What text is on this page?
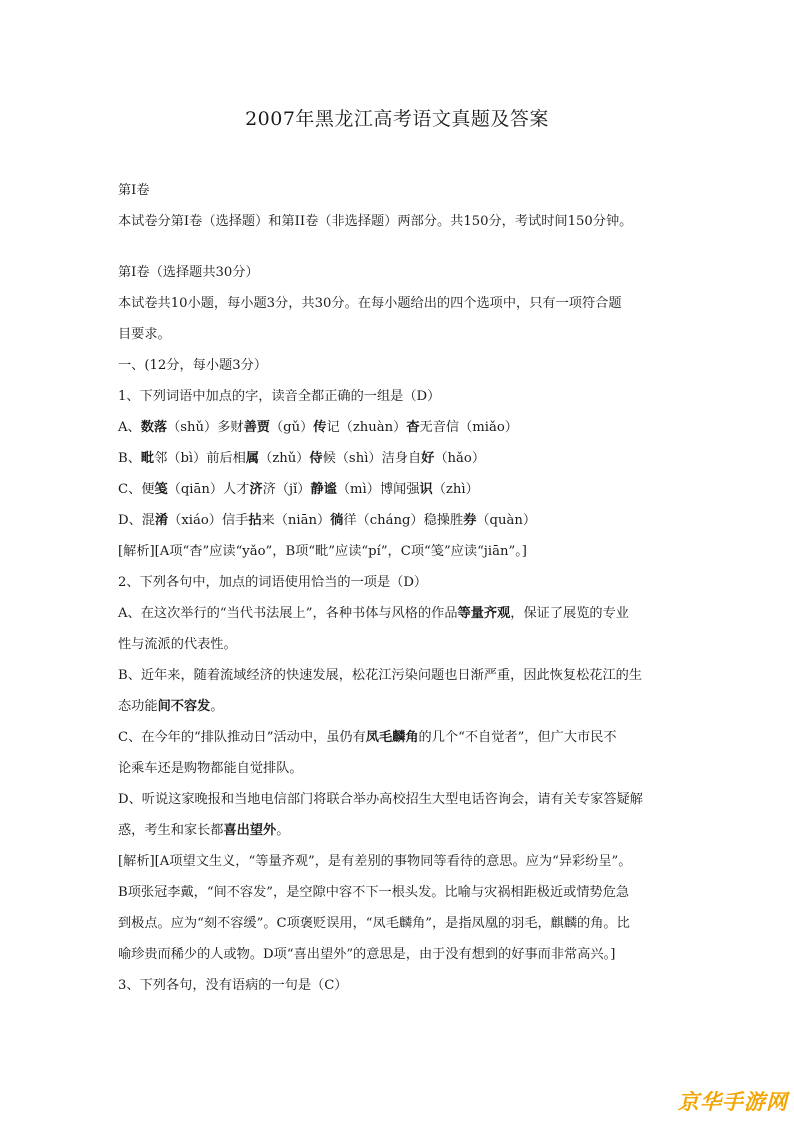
2007年黑龙江高考语文真题及答案
第Ⅰ卷
本试卷分第Ⅰ卷（选择题）和第II卷（非选择题）两部分。共150分，考试时间150分钟。
第Ⅰ卷（选择题共30分）
本试卷共10小题，每小题3分，共30分。在每小题给出的四个选项中，只有一项符合题
目要求。
一、(12分，每小题3分）
1、下列词语中加点的字，读音全都正确的一组是（D）
A、数落（shǔ）多财善贾（gǔ）传记（zhuàn）杳无音信（miǎo）
B、毗邻（bì）前后相属（zhǔ）侍候（shì）洁身自好（hǎo）
C、便笺（qiān）人才济济（jǐ）静谧（mì）博闻强识（zhì）
D、混淆（xiáo）信手拈来（niān）徜徉（cháng）稳操胜券（quàn）
[解析][A项“杳”应读“yǎo”，B项“毗”应读“pí”，C项“笺”应读“jiān”。]
2、下列各句中，加点的词语使用恰当的一项是（D）
A、在这次举行的“当代书法展上”，各种书体与风格的作品等量齐观，保证了展览的专业
性与流派的代表性。
B、近年来，随着流域经济的快速发展，松花江污染问题也日渐严重，因此恢复松花江的生
态功能间不容发。
C、在今年的“排队推动日”活动中，虽仍有凤毛麟角的几个“不自觉者”，但广大市民不
论乘车还是购物都能自觉排队。
D、听说这家晚报和当地电信部门将联合举办高校招生大型电话咨询会，请有关专家答疑解
惑，考生和家长都喜出望外。
[解析][A项望文生义，“等量齐观”，是有差别的事物同等看待的意思。应为“异彩纷呈”。
B项张冠李戴，“间不容发”，是空隙中容不下一根头发。比喻与灾祸相距极近或情势危急
到极点。应为“刻不容缓”。C项褒贬误用，“凤毛麟角”，是指凤凰的羽毛，麒麟的角。比
喻珍贵而稀少的人或物。D项“喜出望外”的意思是，由于没有想到的好事而非常高兴。]
3、下列各句，没有语病的一句是（C）
京华手游网
